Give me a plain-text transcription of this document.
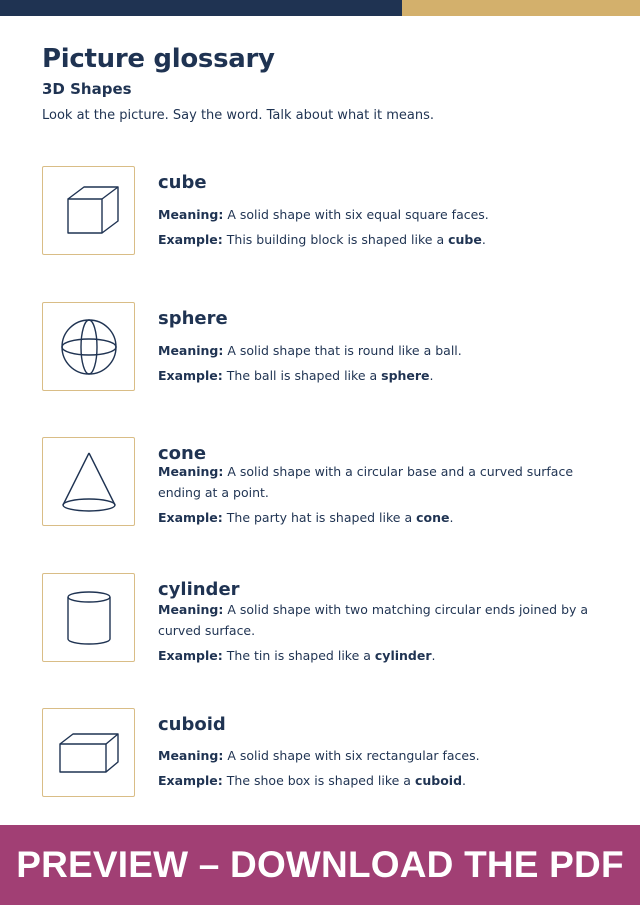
Picture glossary
3D Shapes
Look at the picture. Say the word. Talk about what it means.
cube
Meaning: A solid shape with six equal square faces.
Example: This building block is shaped like a cube.
sphere
Meaning: A solid shape that is round like a ball.
Example: The ball is shaped like a sphere.
cone
Meaning: A solid shape with a circular base and a curved surface ending at a point.
Example: The party hat is shaped like a cone.
cylinder
Meaning: A solid shape with two matching circular ends joined by a curved surface.
Example: The tin is shaped like a cylinder.
cuboid
Meaning: A solid shape with six rectangular faces.
Example: The shoe box is shaped like a cuboid.
PREVIEW – DOWNLOAD THE PDF
